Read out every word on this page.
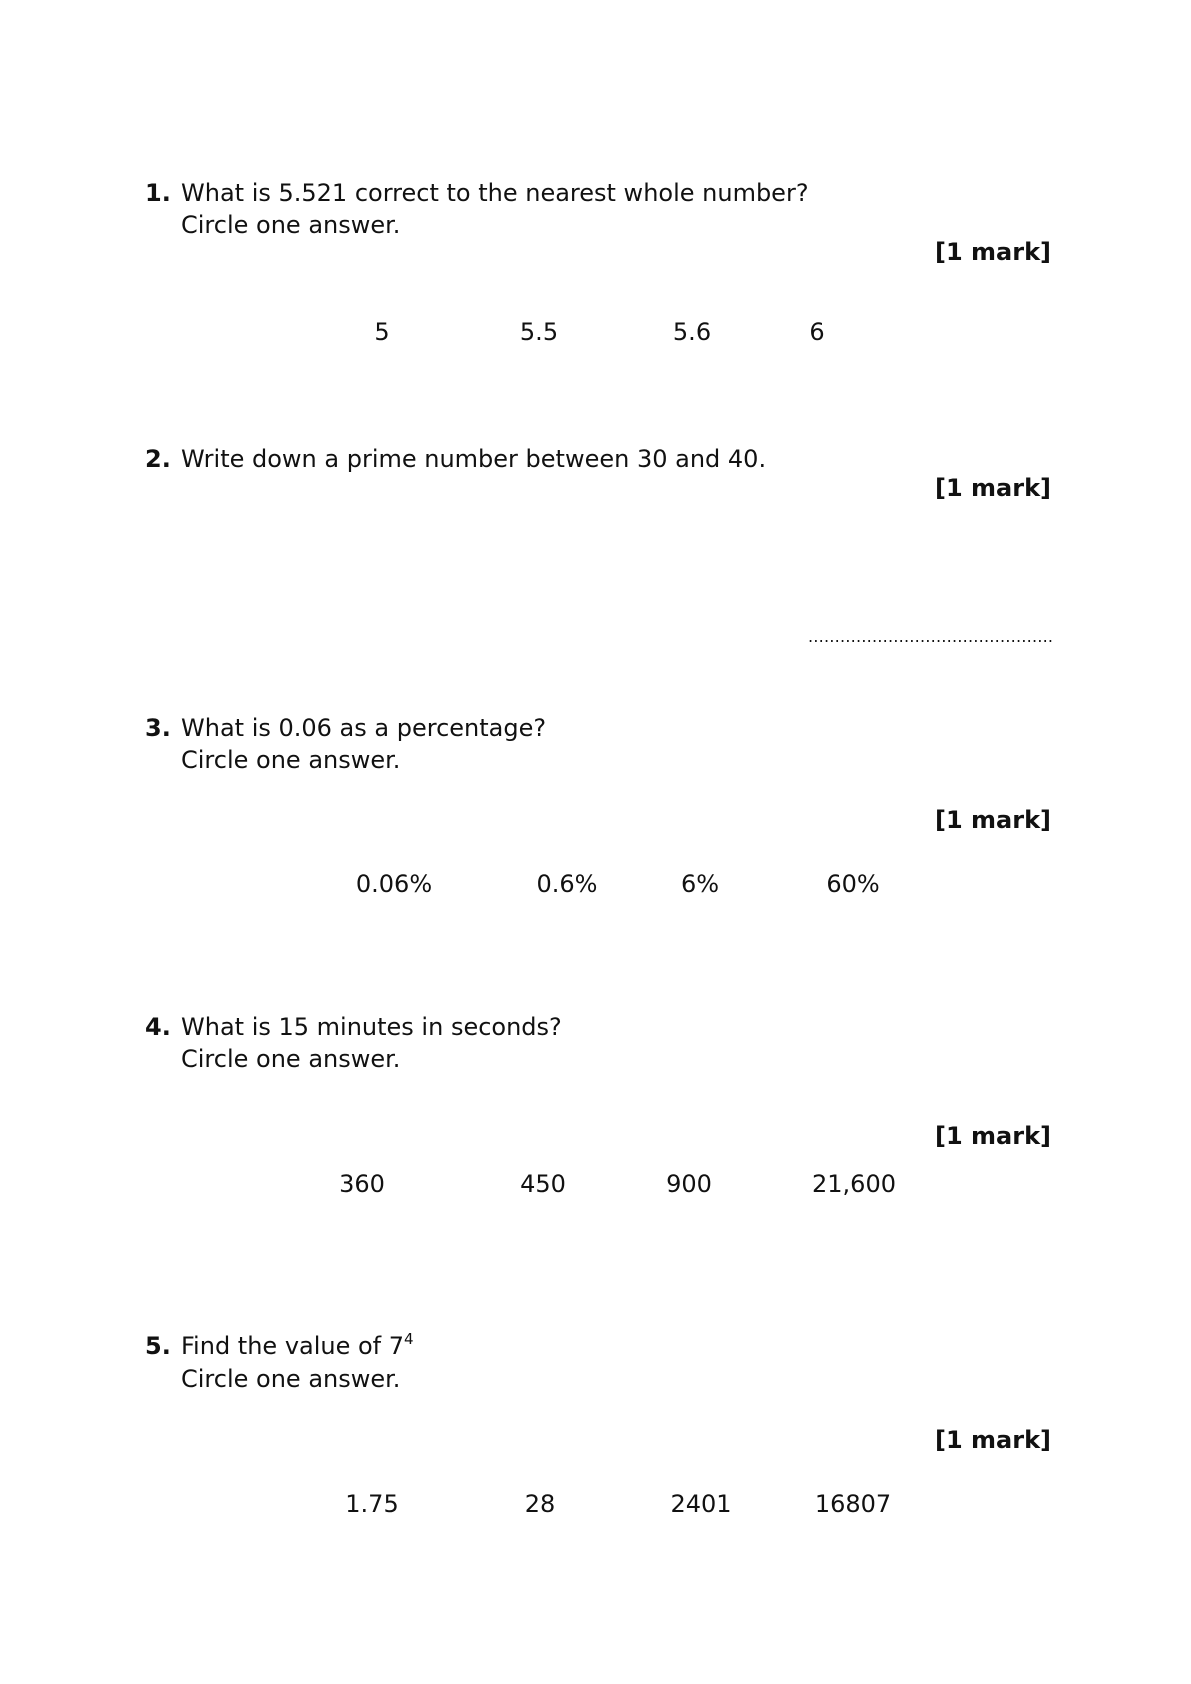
1. What is 5.521 correct to the nearest whole number?
Circle one answer.
[1 mark]
5	5.5	5.6	6
2. Write down a prime number between 30 and 40.
[1 mark]
……………………………………….
3. What is 0.06 as a percentage?
Circle one answer.
[1 mark]
0.06%	0.6%	6%	60%
4. What is 15 minutes in seconds?
Circle one answer.
[1 mark]
360	450	900	21,600
5. Find the value of $7^4$
Circle one answer.
[1 mark]
1.75	28	2401	16807
